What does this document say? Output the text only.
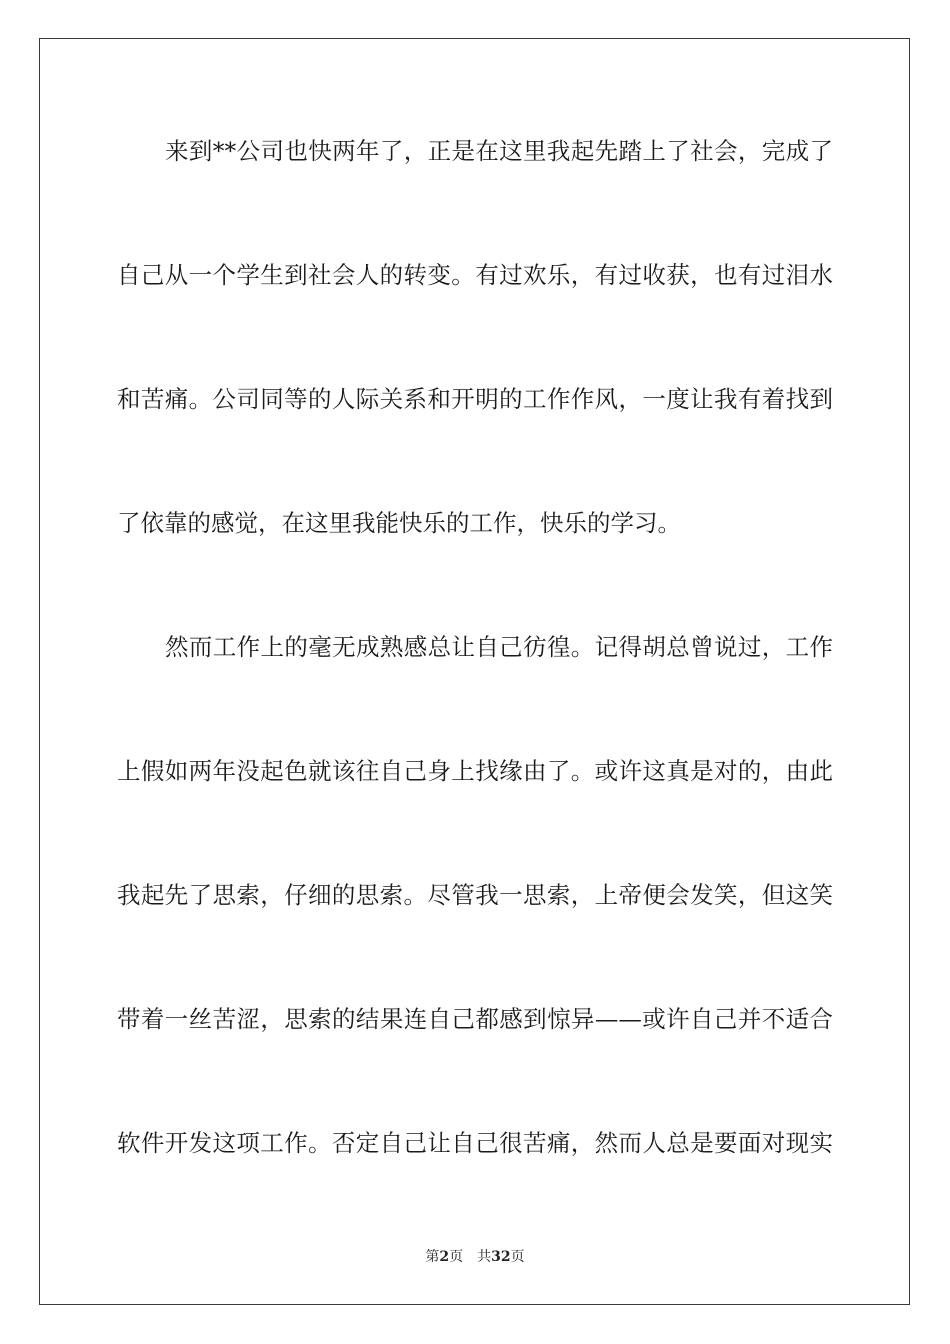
来到**公司也快两年了，正是在这里我起先踏上了社会，完成了
自己从一个学生到社会人的转变。有过欢乐，有过收获，也有过泪水
和苦痛。公司同等的人际关系和开明的工作作风，一度让我有着找到
了依靠的感觉，在这里我能快乐的工作，快乐的学习。
然而工作上的毫无成熟感总让自己彷徨。记得胡总曾说过，工作
上假如两年没起色就该往自己身上找缘由了。或许这真是对的，由此
我起先了思索，仔细的思索。尽管我一思索，上帝便会发笑，但这笑
带着一丝苦涩，思索的结果连自己都感到惊异——或许自己并不适合
软件开发这项工作。否定自己让自己很苦痛，然而人总是要面对现实
第2页 共32页
